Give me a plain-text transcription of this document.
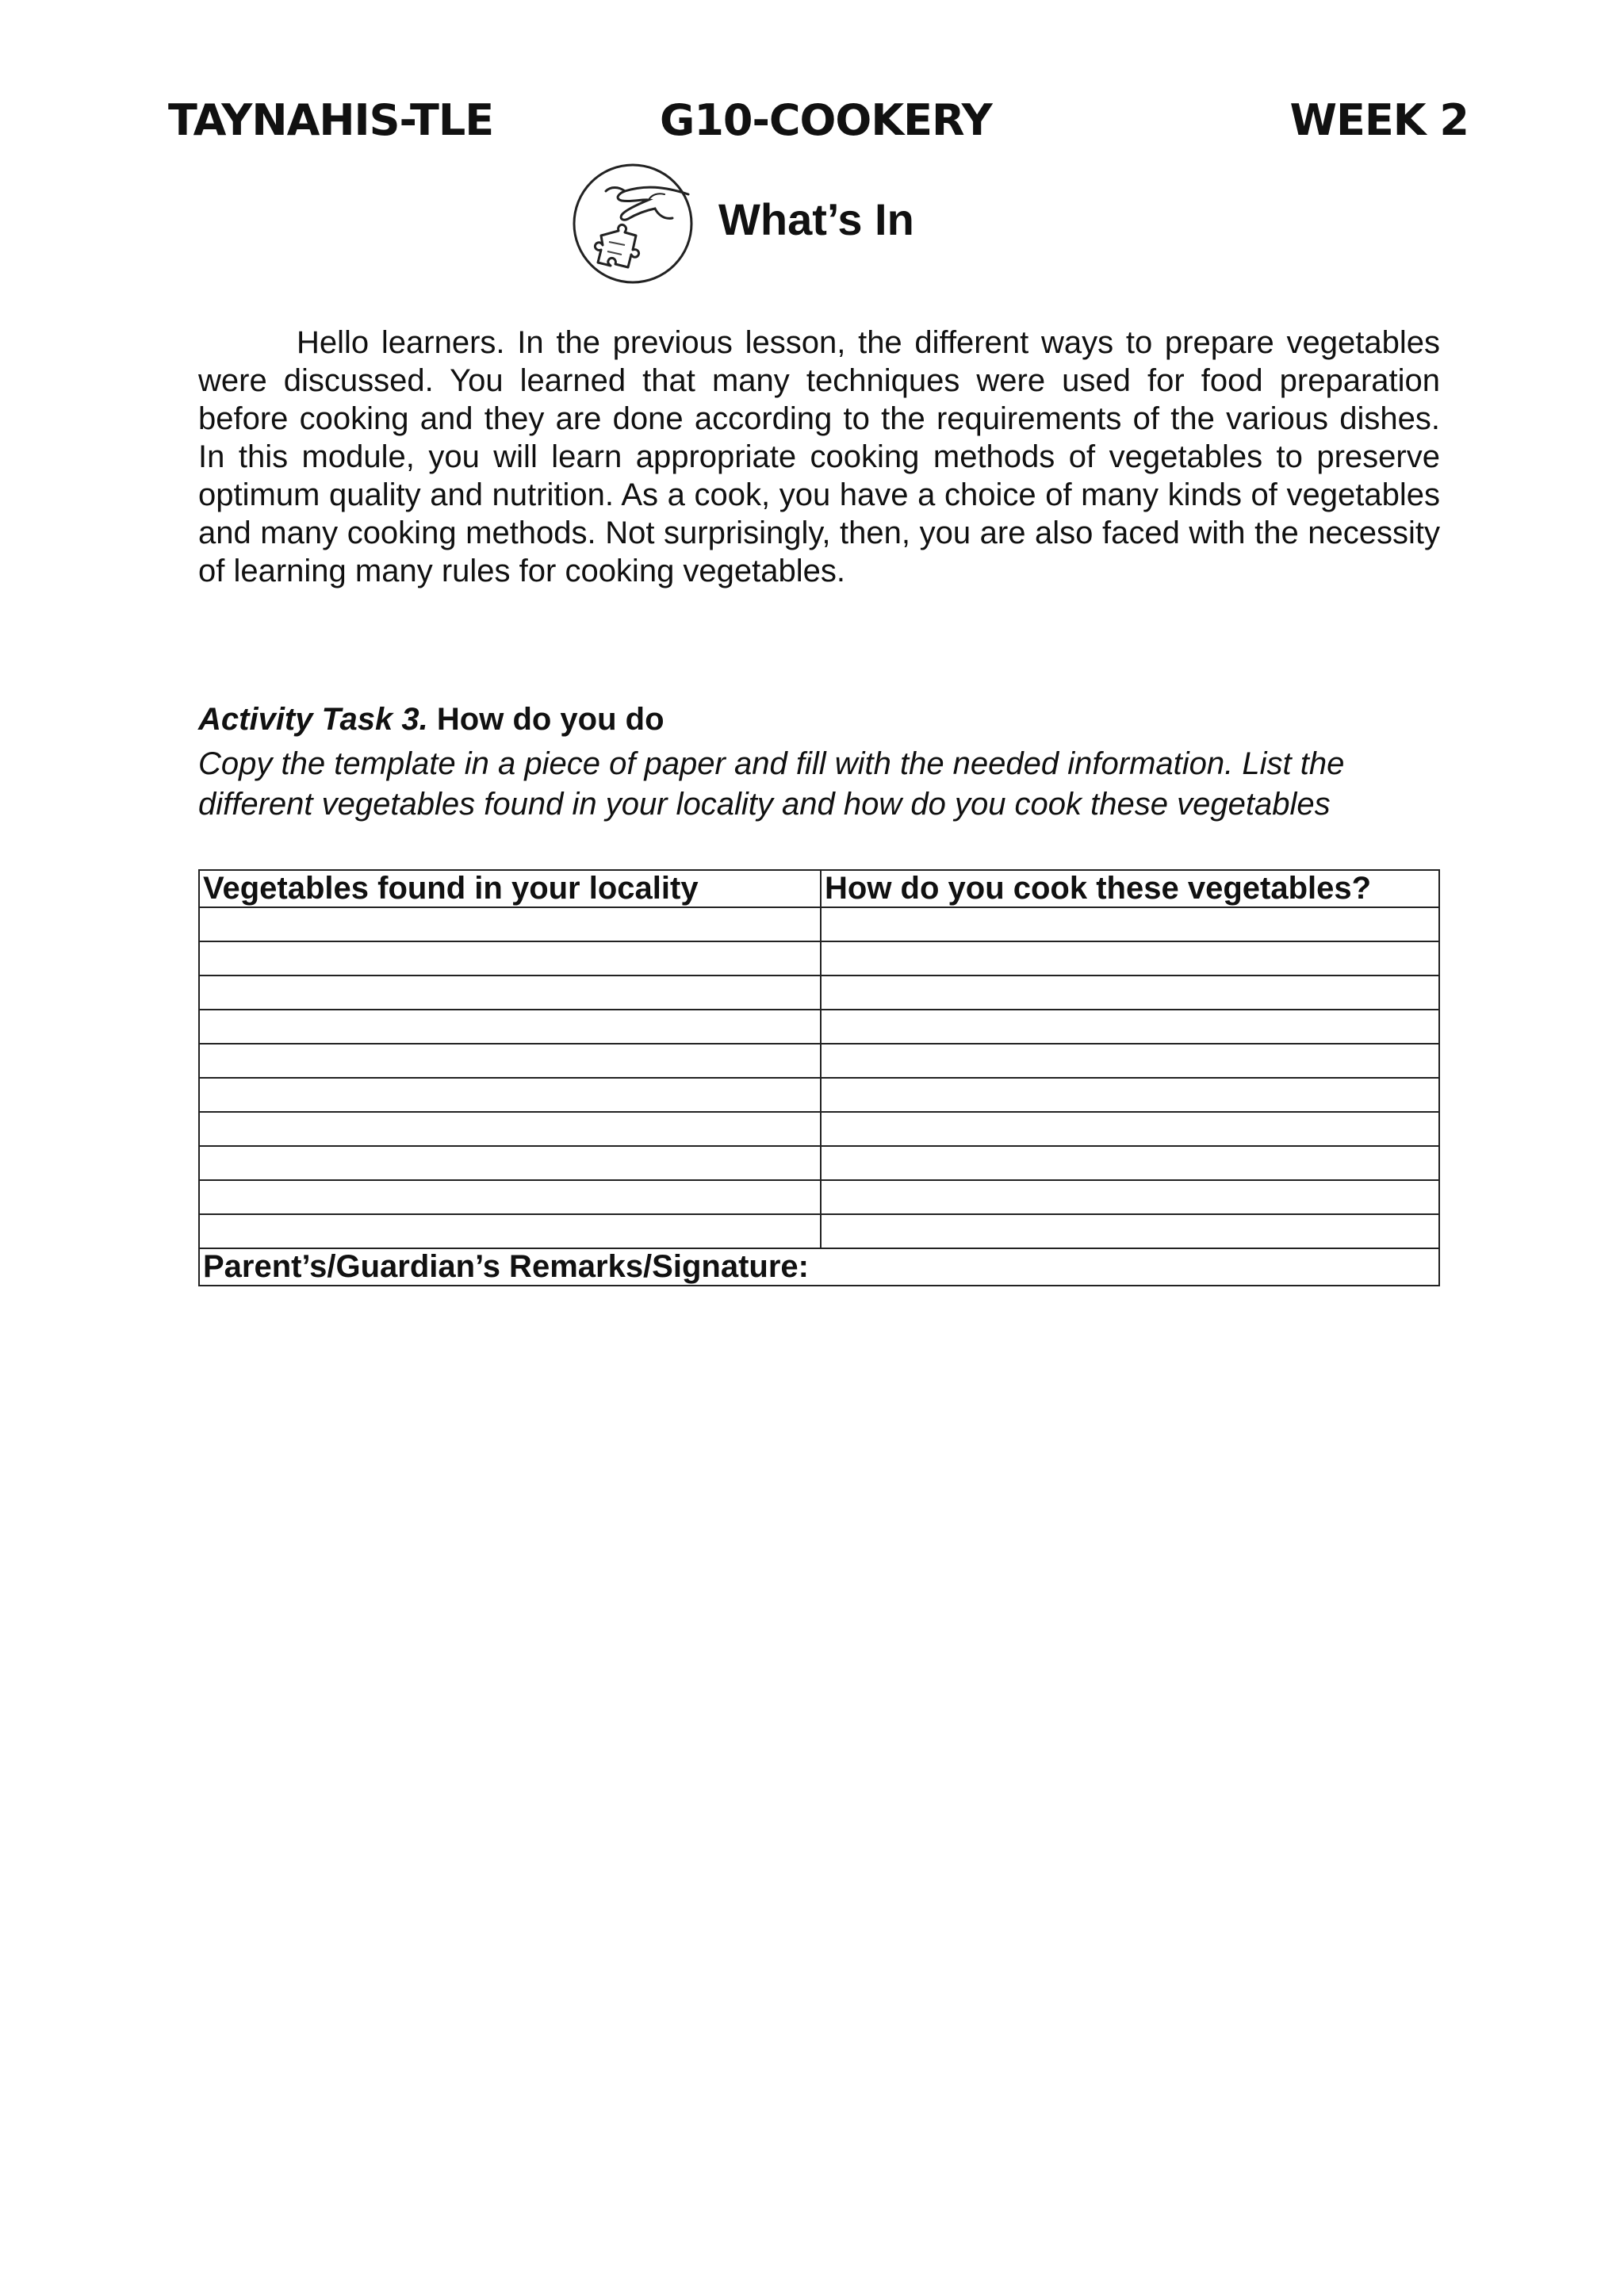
TAYNAHIS-TLE	G10-COOKERY	WEEK 2
What’s In

Hello learners. In the previous lesson, the different ways to prepare vegetables were discussed. You learned that many techniques were used for food preparation before cooking and they are done according to the requirements of the various dishes. In this module, you will learn appropriate cooking methods of vegetables to preserve optimum quality and nutrition. As a cook, you have a choice of many kinds of vegetables and many cooking methods. Not surprisingly, then, you are also faced with the necessity of learning many rules for cooking vegetables.

Activity Task 3. How do you do

Copy the template in a piece of paper and fill with the needed information. List the different vegetables found in your locality and how do you cook these vegetables

Vegetables found in your locality	How do you cook these vegetables?

Parent’s/Guardian’s Remarks/Signature:	
